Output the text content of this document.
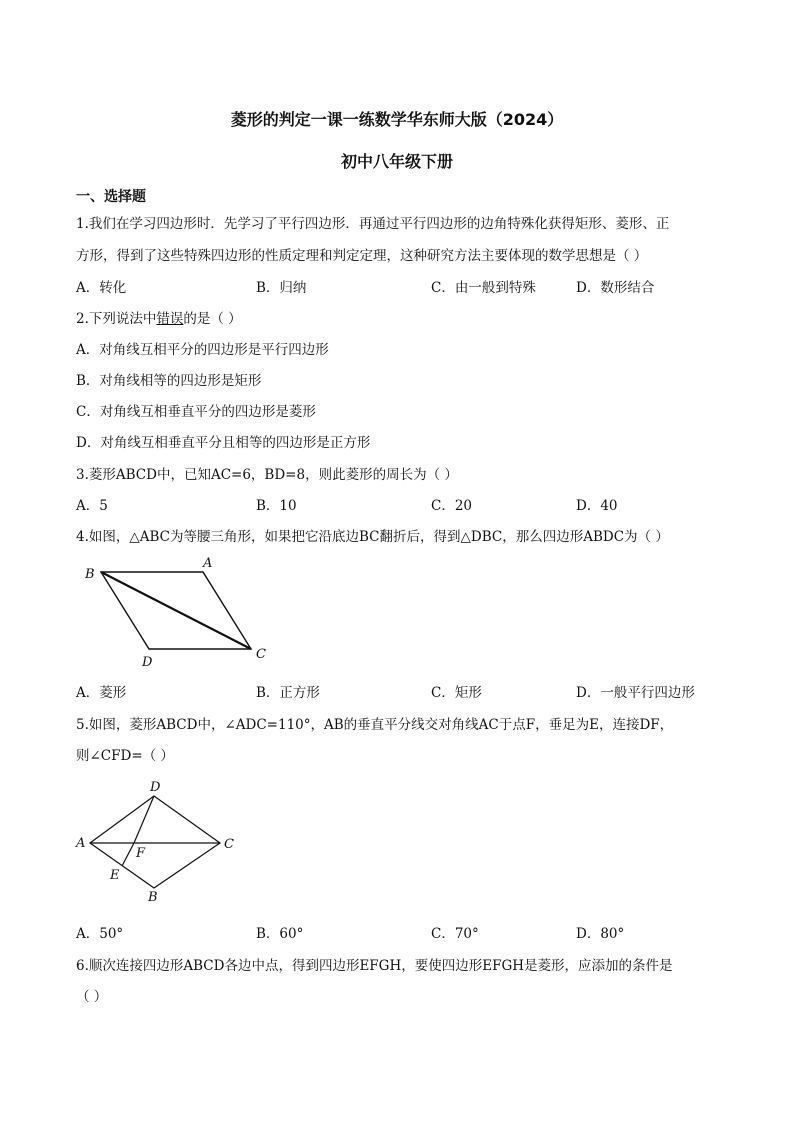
菱形的判定一课一练数学华东师大版（2024）
初中八年级下册
一、选择题
1.我们在学习四边形时．先学习了平行四边形．再通过平行四边形的边角特殊化获得矩形、菱形、正
方形，得到了这些特殊四边形的性质定理和判定定理，这种研究方法主要体现的数学思想是（ ）
A．转化	B．归纳	C．由一般到特殊	D．数形结合
2.下列说法中错误的是（ ）
A．对角线互相平分的四边形是平行四边形
B．对角线相等的四边形是矩形
C．对角线互相垂直平分的四边形是菱形
D．对角线互相垂直平分且相等的四边形是正方形
3.菱形ABCD中，已知AC=6，BD=8，则此菱形的周长为（ ）
A．5	B．10	C．20	D．40
4.如图，△ABC为等腰三角形，如果把它沿底边BC翻折后，得到△DBC，那么四边形ABDC为（ ）
B
A
C
D
A．菱形	B．正方形	C．矩形	D．一般平行四边形
5.如图，菱形ABCD中，∠ADC=110°，AB的垂直平分线交对角线AC于点F，垂足为E，连接DF，
则∠CFD=（ ）
D
A	C
F
E
B
A．50°	B．60°	C．70°	D．80°
6.顺次连接四边形ABCD各边中点，得到四边形EFGH，要使四边形EFGH是菱形，应添加的条件是
（ ）
